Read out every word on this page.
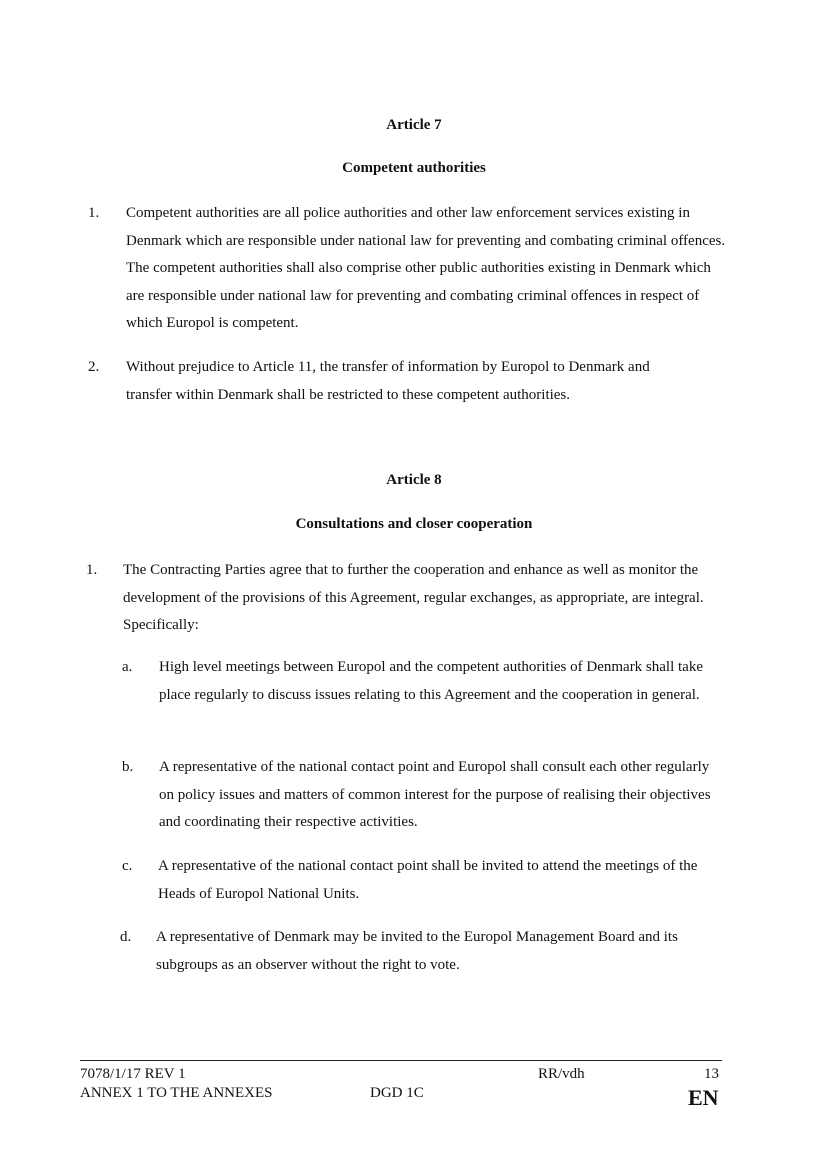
Article 7
Competent authorities
1. Competent authorities are all police authorities and other law enforcement services existing in Denmark which are responsible under national law for preventing and combating criminal offences. The competent authorities shall also comprise other public authorities existing in Denmark which are responsible under national law for preventing and combating criminal offences in respect of which Europol is competent.
2. Without prejudice to Article 11, the transfer of information by Europol to Denmark and transfer within Denmark shall be restricted to these competent authorities.
Article 8
Consultations and closer cooperation
1. The Contracting Parties agree that to further the cooperation and enhance as well as monitor the development of the provisions of this Agreement, regular exchanges, as appropriate, are integral. Specifically:
a. High level meetings between Europol and the competent authorities of Denmark shall take place regularly to discuss issues relating to this Agreement and the cooperation in general.
b. A representative of the national contact point and Europol shall consult each other regularly on policy issues and matters of common interest for the purpose of realising their objectives and coordinating their respective activities.
c. A representative of the national contact point shall be invited to attend the meetings of the Heads of Europol National Units.
d. A representative of Denmark may be invited to the Europol Management Board and its subgroups as an observer without the right to vote.
7078/1/17 REV 1	RR/vdh	13
ANNEX 1 TO THE ANNEXES	DGD 1C	EN
